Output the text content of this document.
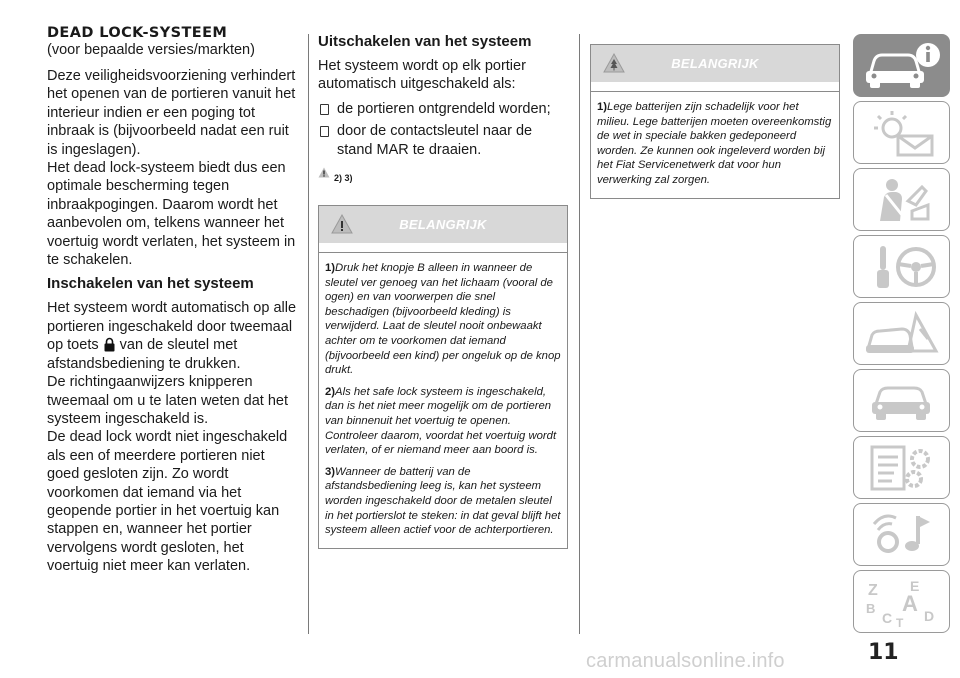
DEAD LOCK-SYSTEEM
(voor bepaalde versies/markten)

Deze veiligheidsvoorziening verhindert het openen van de portieren vanuit het interieur indien er een poging tot inbraak is (bijvoorbeeld nadat een ruit is ingeslagen).

Het dead lock-systeem biedt dus een optimale bescherming tegen inbraakpogingen. Daarom wordt het aanbevolen om, telkens wanneer het voertuig wordt verlaten, het systeem in te schakelen.

Inschakelen van het systeem

Het systeem wordt automatisch op alle portieren ingeschakeld door tweemaal op toets van de sleutel met afstandsbediening te drukken.

De richtingaanwijzers knipperen tweemaal om u te laten weten dat het systeem ingeschakeld is.

De dead lock wordt niet ingeschakeld als een of meerdere portieren niet goed gesloten zijn. Zo wordt voorkomen dat iemand via het geopende portier in het voertuig kan stappen en, wanneer het portier vervolgens wordt gesloten, het voertuig niet meer kan verlaten.

Uitschakelen van het systeem

Het systeem wordt op elk portier automatisch uitgeschakeld als:

de portieren ontgrendeld worden;
door de contactsleutel naar de stand MAR te draaien.
2) 3)
BELANGRIJK

1)Druk het knopje B alleen in wanneer de sleutel ver genoeg van het lichaam (vooral de ogen) en van voorwerpen die snel beschadigen (bijvoorbeeld kleding) is verwijderd. Laat de sleutel nooit onbewaakt achter om te voorkomen dat iemand (bijvoorbeeld een kind) per ongeluk op de knop drukt.

2)Als het safe lock systeem is ingeschakeld, dan is het niet meer mogelijk om de portieren van binnenuit het voertuig te openen. Controleer daarom, voordat het voertuig wordt verlaten, of er niemand meer aan boord is.

3)Wanneer de batterij van de afstandsbediening leeg is, kan het systeem worden ingeschakeld door de metalen sleutel in het portierslot te steken: in dat geval blijft het systeem alleen actief voor de achterportieren.

BELANGRIJK

1)Lege batterijen zijn schadelijk voor het milieu. Lege batterijen moeten overeenkomstig de wet in speciale bakken gedeponeerd worden. Ze kunnen ook ingeleverd worden bij het Fiat Servicenetwerk dat voor hun verwerking zal zorgen.

Z E
B A
C D
T
11
carmanualsonline.info
